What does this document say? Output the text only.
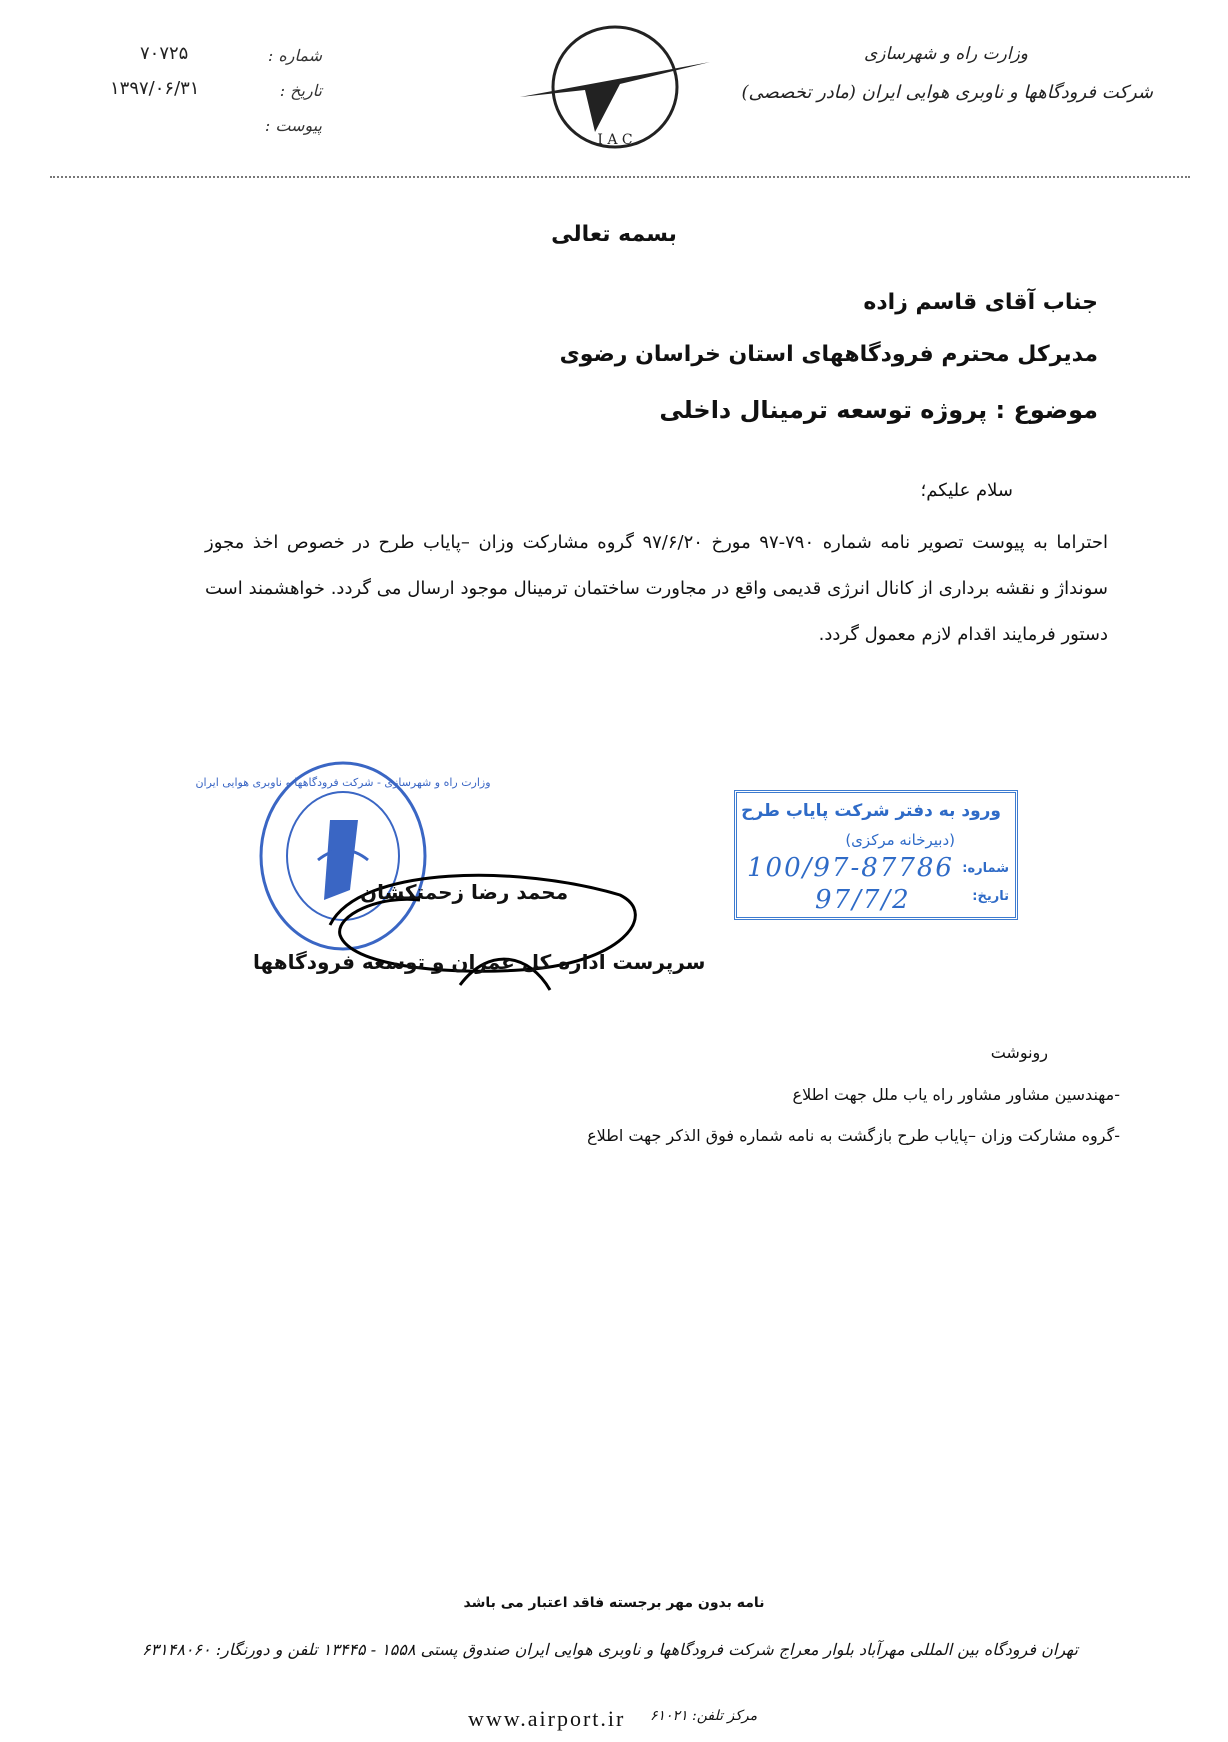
وزارت راه و شهرسازی
شرکت فرودگاهها و ناوبری هوایی ایران (مادر تخصصی)
I A C
شماره :
تاریخ :
پیوست :
۷۰۷۲۵
۱۳۹۷/۰۶/۳۱
بسمه تعالی
جناب آقای قاسم زاده
مدیرکل محترم فرودگاههای استان خراسان رضوی
موضوع : پروژه توسعه ترمینال داخلی
سلام علیکم؛
احتراما به پیوست تصویر نامه شماره ۷۹۰-۹۷ مورخ ۹۷/۶/۲۰ گروه مشارکت وزان –پایاب طرح در خصوص اخذ مجوز سونداژ و نقشه برداری از کانال انرژی قدیمی واقع در مجاورت ساختمان ترمینال موجود ارسال می گردد. خواهشمند است دستور فرمایند اقدام لازم معمول گردد.
وزارت راه و شهرسازی - شرکت فرودگاهها و ناوبری هوایی ایران
محمد رضا زحمتکشان
سرپرست اداره کل عمران و توسعه فرودگاهها
ورود به دفتر شرکت پایاب طرح
(دبیرخانه مرکزی)
شماره:
تاریخ:
100/97-87786
97/7/2
رونوشت
-مهندسین مشاور مشاور راه یاب ملل جهت اطلاع
-گروه مشارکت وزان –پایاب طرح بازگشت به نامه شماره فوق الذکر جهت اطلاع
نامه بدون مهر برجسته فاقد اعتبار می باشد
تهران فرودگاه بین المللی مهرآباد بلوار معراج شرکت فرودگاهها و ناوبری هوایی ایران صندوق پستی ۱۵۵۸ - ۱۳۴۴۵ تلفن و دورنگار: ۶۳۱۴۸۰۶۰
www.airport.ir مرکز تلفن: ۶۱۰۲۱
